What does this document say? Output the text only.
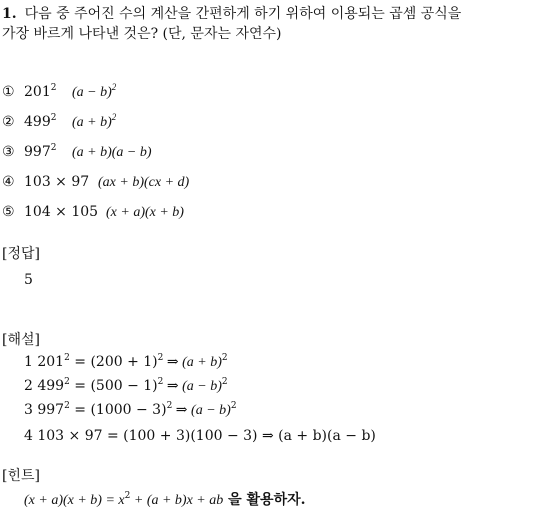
1. 다음 중 주어진 수의 계산을 간편하게 하기 위하여 이용되는 곱셈 공식을
가장 바르게 나타낸 것은? (단, 문자는 자연수)
① $201^2$ $(a - b)^2$
② $499^2$ $(a + b)^2$
③ $997^2$ (a + b)(a − b)
④ 103 × 97 (ax + b)(cx + d)
⑤ 104 × 105 (x + a)(x + b)
[정답]
5
[해설]
1 $201^2 = (200 + 1)^2$ ⇒ $(a + b)^2$
2 $499^2 = (500 - 1)^2$ ⇒ $(a - b)^2$
3 $997^2 = (1000 - 3)^2$ ⇒ $(a - b)^2$
4 103 × 97 = (100 + 3)(100 − 3) ⇒ (a + b)(a − b)
[힌트]
$(x + a)(x + b) = x^2 + (a + b)x$ + ab 을 활용하자.
